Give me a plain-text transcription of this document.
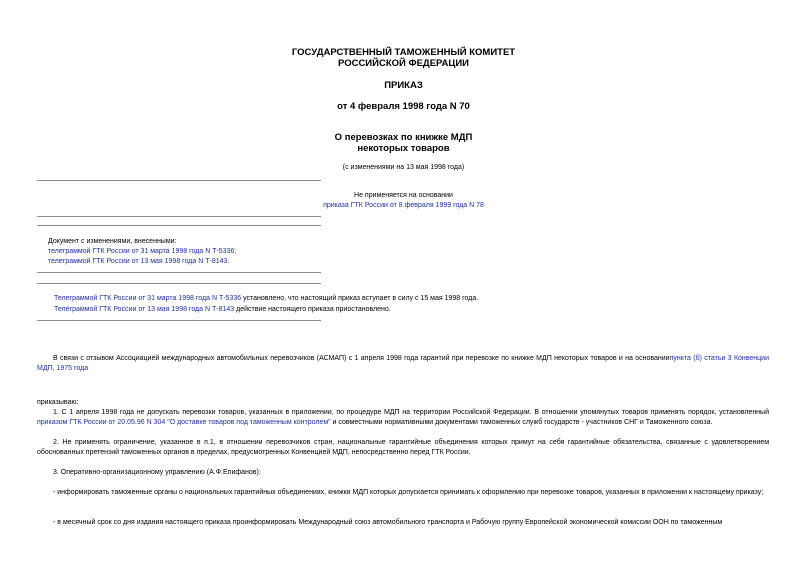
ГОСУДАРСТВЕННЫЙ ТАМОЖЕННЫЙ КОМИТЕТ
РОССИЙСКОЙ ФЕДЕРАЦИИ
ПРИКАЗ
от 4 февраля 1998 года N 70
О перевозках по книжке МДП
некоторых товаров
(с изменениями на 13 мая 1998 года)
Не применяется на основании
приказа ГТК России от 8 февраля 1999 года N 78
Документ с изменениями, внесенными:
телеграммой ГТК России от 31 марта 1998 года N Т-5336;
телеграммой ГТК России от 13 мая 1998 года N Т-8143.
Телеграммой ГТК России от 31 марта 1998 года N Т-5336 установлено, что настоящий приказ вступает в силу с 15 мая 1998 года.
Телеграммой ГТК России от 13 мая 1998 года N Т-8143 действие настоящего приказа приостановлено.
В связи с отзывом Ассоциацией международных автомобильных перевозчиков (АСМАП) с 1 апреля 1998 года гарантий при перевозке по книжке МДП некоторых товаров и на основаниипункта (б) статьи 3 Конвенции МДП, 1975 года
приказываю:
1. С 1 апреля 1998 года не допускать перевозки товаров, указанных в приложении, по процедуре МДП на территории Российской Федерации. В отношении упомянутых товаров применять порядок, установленный приказом ГТК России от 20.05.96 N 304 "О доставке товаров под таможенным контролем" и совместными нормативными документами таможенных служб государств - участников СНГ и Таможенного союза.
2. Не применять ограничение, указанное в п.1, в отношении перевозчиков стран, национальные гарантийные объединения которых примут на себя гарантийные обязательства, связанные с удовлетворением обоснованных претензий таможенных органов в пределах, предусмотренных Конвенцией МДП, непосредственно перед ГТК России.
3. Оперативно-организационному управлению (А.Ф.Епифанов):
- информировать таможенные органы о национальных гарантийных объединениях, книжки МДП которых допускается принимать к оформлению при перевозке товаров, указанных в приложении к настоящему приказу;
- в месячный срок со дня издания настоящего приказа проинформировать Международный союз автомобильного транспорта и Рабочую группу Европейской экономической комиссии ООН по таможенным
